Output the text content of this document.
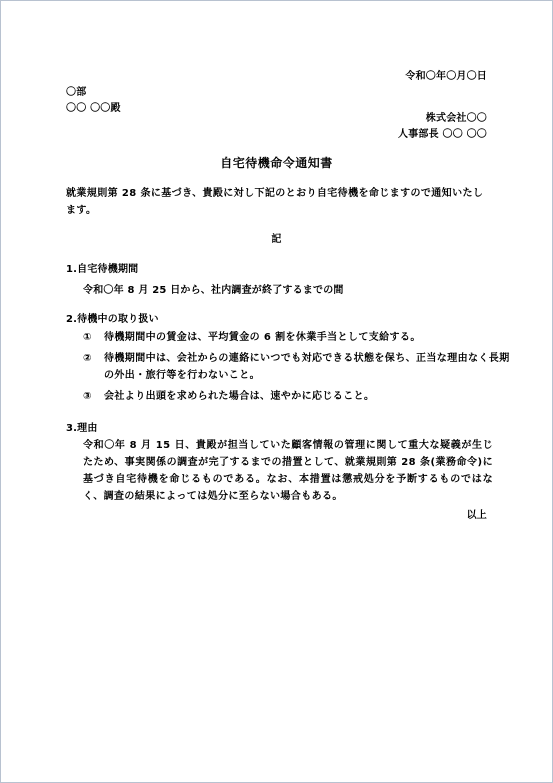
令和〇年〇月〇日
〇部
〇〇 〇〇殿
株式会社〇〇
人事部長 〇〇 〇〇
自宅待機命令通知書
就業規則第 28 条に基づき、貴殿に対し下記のとおり自宅待機を命じますので通知いたします。
記
1.自宅待機期間
令和〇年 8 月 25 日から、社内調査が終了するまでの間
2.待機中の取り扱い
① 待機期間中の賃金は、平均賃金の 6 割を休業手当として支給する。
② 待機期間中は、会社からの連絡にいつでも対応できる状態を保ち、正当な理由なく長期の外出・旅行等を行わないこと。
③ 会社より出頭を求められた場合は、速やかに応じること。
3.理由
令和〇年 8 月 15 日、貴殿が担当していた顧客情報の管理に関して重大な疑義が生じたため、事実関係の調査が完了するまでの措置として、就業規則第 28 条(業務命令)に基づき自宅待機を命じるものである。なお、本措置は懲戒処分を予断するものではなく、調査の結果によっては処分に至らない場合もある。
以上
